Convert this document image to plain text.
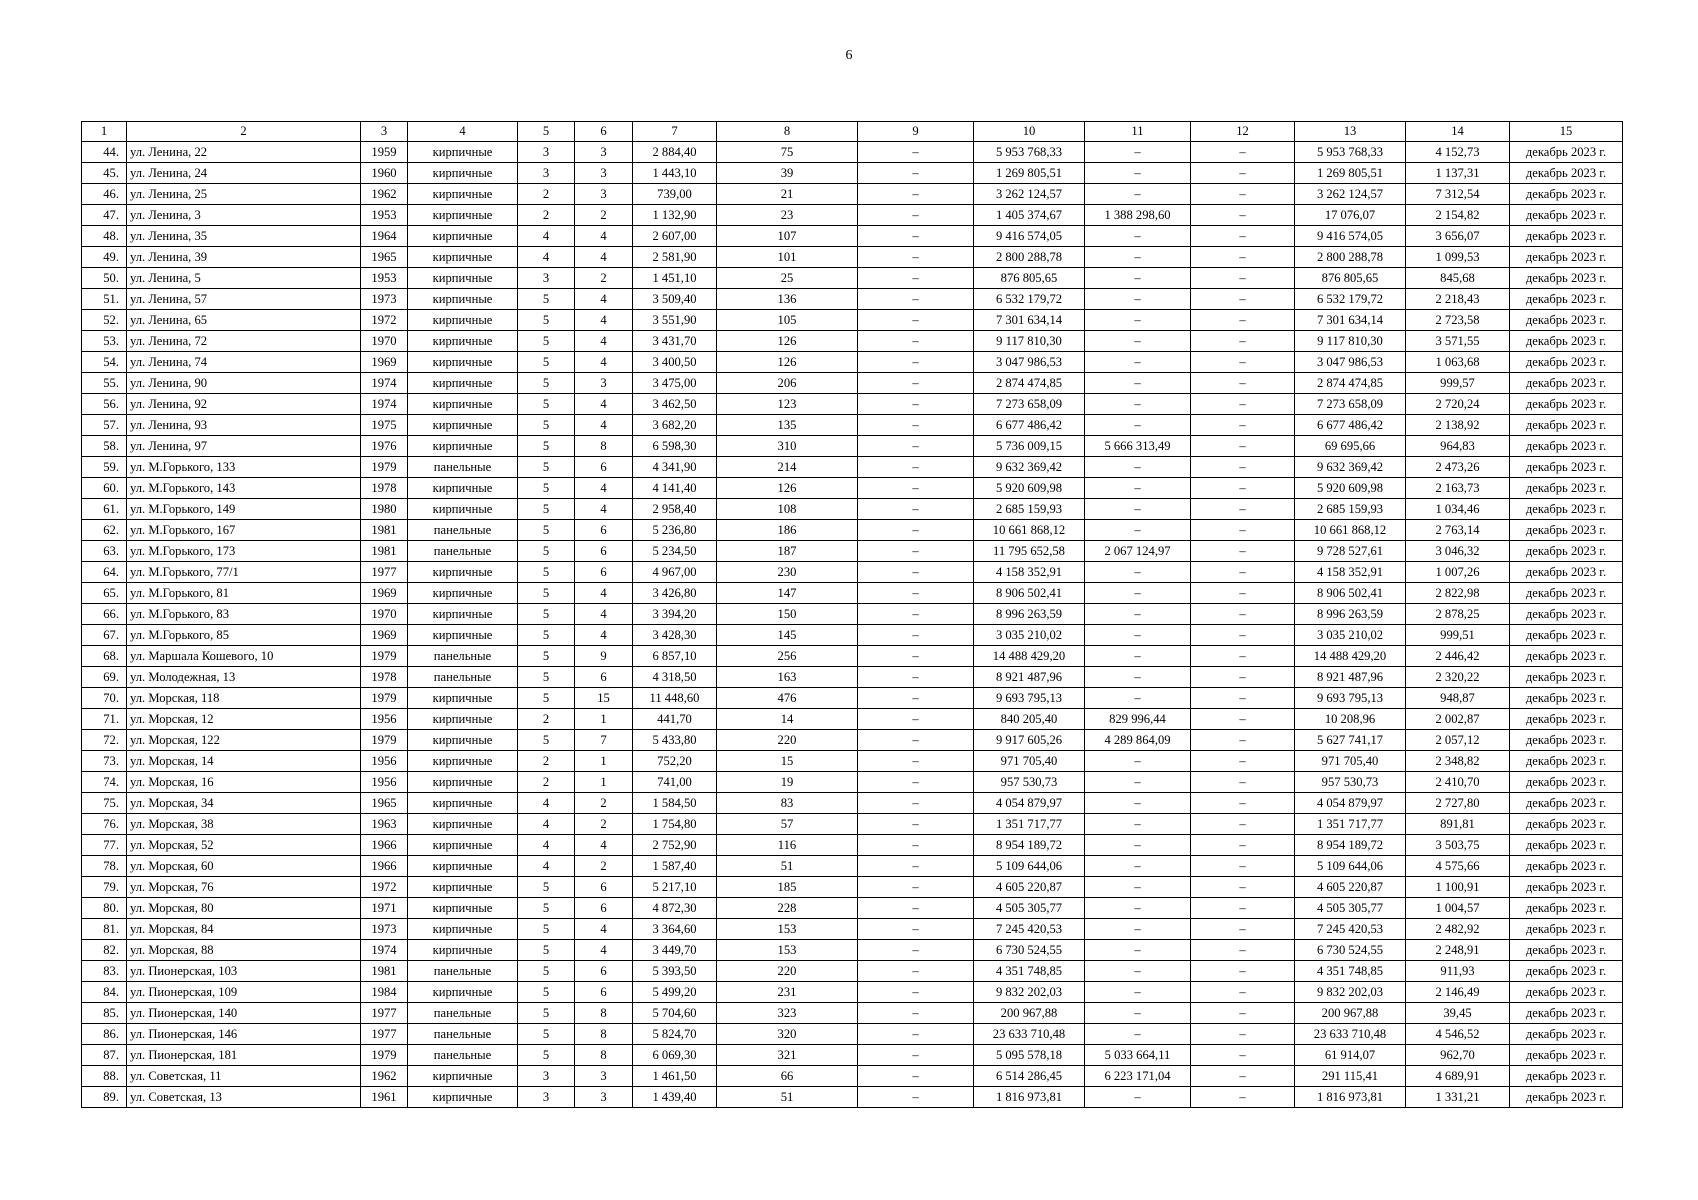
6
1	2	3	4	5	6	7	8	9	10	11	12	13	14	15
44.	ул. Ленина, 22	1959	кирпичные	3	3	2 884,40	75	–	5 953 768,33	–	–	5 953 768,33	4 152,73	декабрь 2023 г.
45.	ул. Ленина, 24	1960	кирпичные	3	3	1 443,10	39	–	1 269 805,51	–	–	1 269 805,51	1 137,31	декабрь 2023 г.
46.	ул. Ленина, 25	1962	кирпичные	2	3	739,00	21	–	3 262 124,57	–	–	3 262 124,57	7 312,54	декабрь 2023 г.
47.	ул. Ленина, 3	1953	кирпичные	2	2	1 132,90	23	–	1 405 374,67	1 388 298,60	–	17 076,07	2 154,82	декабрь 2023 г.
48.	ул. Ленина, 35	1964	кирпичные	4	4	2 607,00	107	–	9 416 574,05	–	–	9 416 574,05	3 656,07	декабрь 2023 г.
49.	ул. Ленина, 39	1965	кирпичные	4	4	2 581,90	101	–	2 800 288,78	–	–	2 800 288,78	1 099,53	декабрь 2023 г.
50.	ул. Ленина, 5	1953	кирпичные	3	2	1 451,10	25	–	876 805,65	–	–	876 805,65	845,68	декабрь 2023 г.
51.	ул. Ленина, 57	1973	кирпичные	5	4	3 509,40	136	–	6 532 179,72	–	–	6 532 179,72	2 218,43	декабрь 2023 г.
52.	ул. Ленина, 65	1972	кирпичные	5	4	3 551,90	105	–	7 301 634,14	–	–	7 301 634,14	2 723,58	декабрь 2023 г.
53.	ул. Ленина, 72	1970	кирпичные	5	4	3 431,70	126	–	9 117 810,30	–	–	9 117 810,30	3 571,55	декабрь 2023 г.
54.	ул. Ленина, 74	1969	кирпичные	5	4	3 400,50	126	–	3 047 986,53	–	–	3 047 986,53	1 063,68	декабрь 2023 г.
55.	ул. Ленина, 90	1974	кирпичные	5	3	3 475,00	206	–	2 874 474,85	–	–	2 874 474,85	999,57	декабрь 2023 г.
56.	ул. Ленина, 92	1974	кирпичные	5	4	3 462,50	123	–	7 273 658,09	–	–	7 273 658,09	2 720,24	декабрь 2023 г.
57.	ул. Ленина, 93	1975	кирпичные	5	4	3 682,20	135	–	6 677 486,42	–	–	6 677 486,42	2 138,92	декабрь 2023 г.
58.	ул. Ленина, 97	1976	кирпичные	5	8	6 598,30	310	–	5 736 009,15	5 666 313,49	–	69 695,66	964,83	декабрь 2023 г.
59.	ул. М.Горького, 133	1979	панельные	5	6	4 341,90	214	–	9 632 369,42	–	–	9 632 369,42	2 473,26	декабрь 2023 г.
60.	ул. М.Горького, 143	1978	кирпичные	5	4	4 141,40	126	–	5 920 609,98	–	–	5 920 609,98	2 163,73	декабрь 2023 г.
61.	ул. М.Горького, 149	1980	кирпичные	5	4	2 958,40	108	–	2 685 159,93	–	–	2 685 159,93	1 034,46	декабрь 2023 г.
62.	ул. М.Горького, 167	1981	панельные	5	6	5 236,80	186	–	10 661 868,12	–	–	10 661 868,12	2 763,14	декабрь 2023 г.
63.	ул. М.Горького, 173	1981	панельные	5	6	5 234,50	187	–	11 795 652,58	2 067 124,97	–	9 728 527,61	3 046,32	декабрь 2023 г.
64.	ул. М.Горького, 77/1	1977	кирпичные	5	6	4 967,00	230	–	4 158 352,91	–	–	4 158 352,91	1 007,26	декабрь 2023 г.
65.	ул. М.Горького, 81	1969	кирпичные	5	4	3 426,80	147	–	8 906 502,41	–	–	8 906 502,41	2 822,98	декабрь 2023 г.
66.	ул. М.Горького, 83	1970	кирпичные	5	4	3 394,20	150	–	8 996 263,59	–	–	8 996 263,59	2 878,25	декабрь 2023 г.
67.	ул. М.Горького, 85	1969	кирпичные	5	4	3 428,30	145	–	3 035 210,02	–	–	3 035 210,02	999,51	декабрь 2023 г.
68.	ул. Маршала Кошевого, 10	1979	панельные	5	9	6 857,10	256	–	14 488 429,20	–	–	14 488 429,20	2 446,42	декабрь 2023 г.
69.	ул. Молодежная, 13	1978	панельные	5	6	4 318,50	163	–	8 921 487,96	–	–	8 921 487,96	2 320,22	декабрь 2023 г.
70.	ул. Морская, 118	1979	кирпичные	5	15	11 448,60	476	–	9 693 795,13	–	–	9 693 795,13	948,87	декабрь 2023 г.
71.	ул. Морская, 12	1956	кирпичные	2	1	441,70	14	–	840 205,40	829 996,44	–	10 208,96	2 002,87	декабрь 2023 г.
72.	ул. Морская, 122	1979	кирпичные	5	7	5 433,80	220	–	9 917 605,26	4 289 864,09	–	5 627 741,17	2 057,12	декабрь 2023 г.
73.	ул. Морская, 14	1956	кирпичные	2	1	752,20	15	–	971 705,40	–	–	971 705,40	2 348,82	декабрь 2023 г.
74.	ул. Морская, 16	1956	кирпичные	2	1	741,00	19	–	957 530,73	–	–	957 530,73	2 410,70	декабрь 2023 г.
75.	ул. Морская, 34	1965	кирпичные	4	2	1 584,50	83	–	4 054 879,97	–	–	4 054 879,97	2 727,80	декабрь 2023 г.
76.	ул. Морская, 38	1963	кирпичные	4	2	1 754,80	57	–	1 351 717,77	–	–	1 351 717,77	891,81	декабрь 2023 г.
77.	ул. Морская, 52	1966	кирпичные	4	4	2 752,90	116	–	8 954 189,72	–	–	8 954 189,72	3 503,75	декабрь 2023 г.
78.	ул. Морская, 60	1966	кирпичные	4	2	1 587,40	51	–	5 109 644,06	–	–	5 109 644,06	4 575,66	декабрь 2023 г.
79.	ул. Морская, 76	1972	кирпичные	5	6	5 217,10	185	–	4 605 220,87	–	–	4 605 220,87	1 100,91	декабрь 2023 г.
80.	ул. Морская, 80	1971	кирпичные	5	6	4 872,30	228	–	4 505 305,77	–	–	4 505 305,77	1 004,57	декабрь 2023 г.
81.	ул. Морская, 84	1973	кирпичные	5	4	3 364,60	153	–	7 245 420,53	–	–	7 245 420,53	2 482,92	декабрь 2023 г.
82.	ул. Морская, 88	1974	кирпичные	5	4	3 449,70	153	–	6 730 524,55	–	–	6 730 524,55	2 248,91	декабрь 2023 г.
83.	ул. Пионерская, 103	1981	панельные	5	6	5 393,50	220	–	4 351 748,85	–	–	4 351 748,85	911,93	декабрь 2023 г.
84.	ул. Пионерская, 109	1984	кирпичные	5	6	5 499,20	231	–	9 832 202,03	–	–	9 832 202,03	2 146,49	декабрь 2023 г.
85.	ул. Пионерская, 140	1977	панельные	5	8	5 704,60	323	–	200 967,88	–	–	200 967,88	39,45	декабрь 2023 г.
86.	ул. Пионерская, 146	1977	панельные	5	8	5 824,70	320	–	23 633 710,48	–	–	23 633 710,48	4 546,52	декабрь 2023 г.
87.	ул. Пионерская, 181	1979	панельные	5	8	6 069,30	321	–	5 095 578,18	5 033 664,11	–	61 914,07	962,70	декабрь 2023 г.
88.	ул. Советская, 11	1962	кирпичные	3	3	1 461,50	66	–	6 514 286,45	6 223 171,04	–	291 115,41	4 689,91	декабрь 2023 г.
89.	ул. Советская, 13	1961	кирпичные	3	3	1 439,40	51	–	1 816 973,81	–	–	1 816 973,81	1 331,21	декабрь 2023 г.
